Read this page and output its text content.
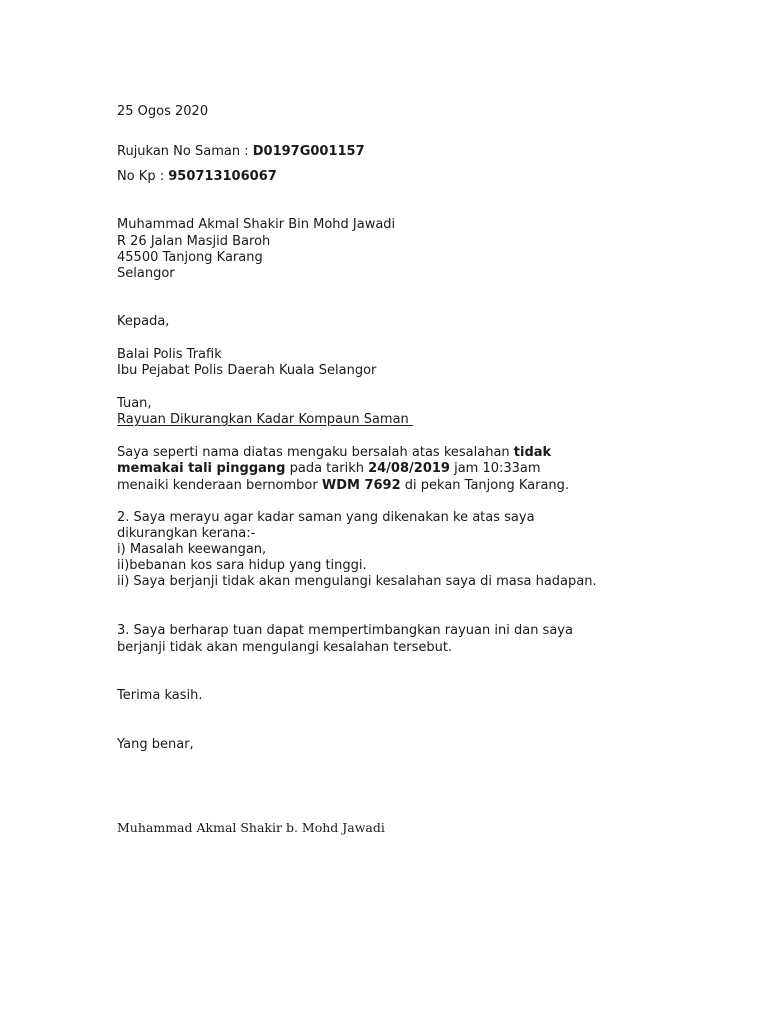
25 Ogos 2020
Rujukan No Saman : D0197G001157
No Kp : 950713106067
Muhammad Akmal Shakir Bin Mohd Jawadi
R 26 Jalan Masjid Baroh
45500 Tanjong Karang
Selangor
Kepada,
Balai Polis Trafik
Ibu Pejabat Polis Daerah Kuala Selangor
Tuan,
Rayuan Dikurangkan Kadar Kompaun Saman
Saya seperti nama diatas mengaku bersalah atas kesalahan tidak
memakai tali pinggang pada tarikh 24/08/2019 jam 10:33am
menaiki kenderaan bernombor WDM 7692 di pekan Tanjong Karang.
2. Saya merayu agar kadar saman yang dikenakan ke atas saya
dikurangkan kerana:-
i) Masalah keewangan,
ii)bebanan kos sara hidup yang tinggi.
ii) Saya berjanji tidak akan mengulangi kesalahan saya di masa hadapan.
3. Saya berharap tuan dapat mempertimbangkan rayuan ini dan saya
berjanji tidak akan mengulangi kesalahan tersebut.
Terima kasih.
Yang benar,
Muhammad Akmal Shakir b. Mohd Jawadi
